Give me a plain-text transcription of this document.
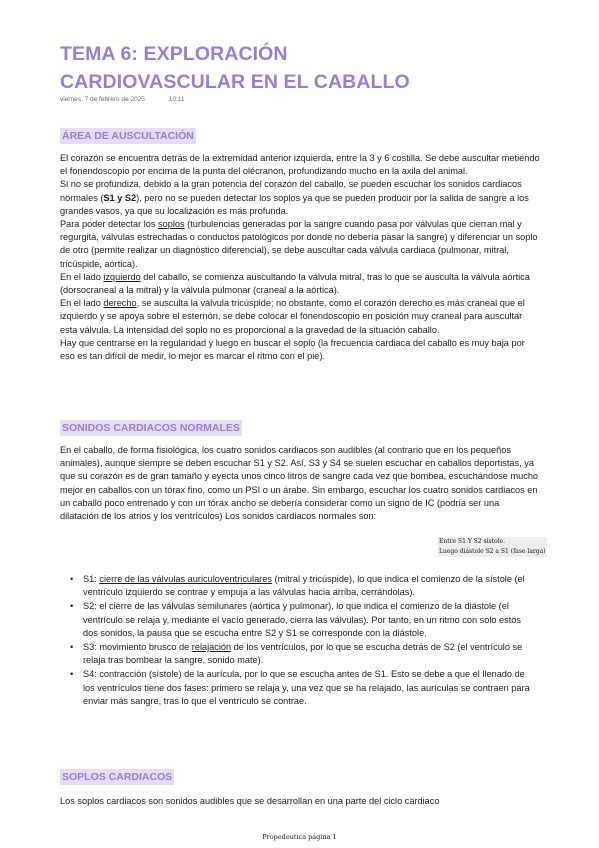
TEMA 6: EXPLORACIÓN
CARDIOVASCULAR EN EL CABALLO
viernes, 7 de febrero de 2025	10:11
ÁREA DE AUSCULTACIÓN

El corazón se encuentra detrás de la extremidad anterior izquierda, entre la 3 y 6 costilla. Se debe auscultar metiendo el fonendoscopio por encima de la punta del olécranon, profundizando mucho en la axila del animal.

Si no se profundiza, debido a la gran potencia del corazón del caballo, se pueden escuchar los sonidos cardiacos normales (S1 y S2), pero no se pueden detectar los soplos ya que se pueden producir por la salida de sangre a los grandes vasos, ya que su localización es más profunda.

Para poder detectar los soplos (turbulencias generadas por la sangre cuando pasa por válvulas que cierran mal y regurgita, válvulas estrechadas o conductos patológicos por donde no debería pasar la sangre) y diferenciar un soplo de otro (permite realizar un diagnóstico diferencial), se debe auscultar cada válvula cardiaca (pulmonar, mitral, tricúspide, aórtica).

En el lado izquierdo del caballo, se comienza auscultando la válvula mitral, tras lo que se ausculta la válvula aórtica (dorsocraneal a la mitral) y la válvula pulmonar (craneal a la aórtica).

En el lado derecho, se ausculta la válvula tricúspide; no obstante, como el corazón derecho es más craneal que el izquierdo y se apoya sobre el esternón, se debe colocar el fonendoscopio en posición muy craneal para auscultar esta válvula. La intensidad del soplo no es proporcional a la gravedad de la situación caballo.

Hay que centrarse en la regularidad y luego en buscar el soplo (la frecuencia cardiaca del caballo es muy baja por eso es tan difícil de medir, lo mejor es marcar el ritmo con el pie).

SONIDOS CARDIACOS NORMALES

En el caballo, de forma fisiológica, los cuatro sonidos cardiacos son audibles (al contrario que en los pequeños animales), aunque siempre se deben escuchar S1 y S2. Así, S3 y S4 se suelen escuchar en caballos deportistas, ya que su corazón es de gran tamaño y eyecta unos cinco litros de sangre cada vez que bombea, escuchándose mucho mejor en caballos con un tórax fino, como un PSI o un árabe. Sin embargo, escuchar los cuatro sonidos cardiacos en un caballo poco entrenado y con un tórax ancho se debería considerar como un signo de IC (podría ser una dilatación de los atrios y los ventrículos) Los sonidos cardiacos normales son:

Entre S1 Y S2 sístole.
Luego diástole S2 a S1 (fase larga)
• S1: cierre de las válvulas auriculoventriculares (mitral y tricúspide), lo que indica el comienzo de la sístole (el ventrículo izquierdo se contrae y empuja a las válvulas hacia arriba, cerrándolas).
• S2: el cierre de las válvulas semilunares (aórtica y pulmonar), lo que indica el comienzo de la diástole (el ventrículo se relaja y, mediante el vacío generado, cierra las válvulas). Por tanto, en un ritmo con solo estos dos sonidos, la pausa que se escucha entre S2 y S1 se corresponde con la diástole.
• S3: movimiento brusco de relajación de los ventrículos, por lo que se escucha detrás de S2 (el ventrículo se relaja tras bombear la sangre, sonido mate).
• S4: contracción (sístole) de la aurícula, por lo que se escucha antes de S1. Esto se debe a que el llenado de los ventrículos tiene dos fases: primero se relaja y, una vez que se ha relajado, las aurículas se contraen para enviar más sangre, tras lo que el ventrículo se contrae.
SOPLOS CARDIACOS

Los soplos cardiacos son sonidos audibles que se desarrollan en una parte del ciclo cardiaco

Propedeutica página 1
